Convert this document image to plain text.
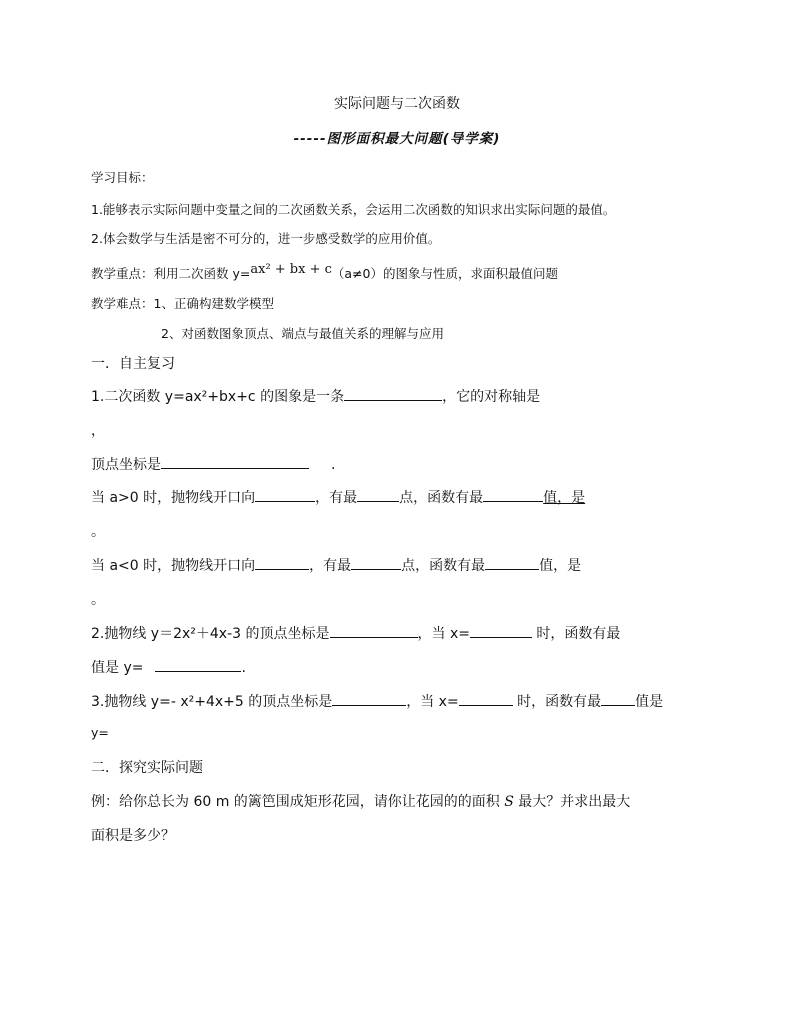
实际问题与二次函数
-----图形面积最大问题(导学案)
学习目标：
1.能够表示实际问题中变量之间的二次函数关系，会运用二次函数的知识求出实际问题的最值。
2.体会数学与生活是密不可分的，进一步感受数学的应用价值。
教学重点：利用二次函数 y=ax² + bx + c（a≠0）的图象与性质，求面积最值问题
教学难点：1、正确构建数学模型
2、对函数图象顶点、端点与最值关系的理解与应用
一．自主复习
1.二次函数 y=ax²+bx+c 的图象是一条	，它的对称轴是
，
顶点坐标是	.
当 a>0 时，抛物线开口向	，有最	点，函数有最	值，是
。
当 a<0 时，抛物线开口向	，有最	点，函数有最	值，是
。
2.抛物线 y＝2x²＋4x-3 的顶点坐标是	，当 x=	时，函数有最
值是 y=	.
3.抛物线 y=- x²+4x+5 的顶点坐标是	，当 x=	时，函数有最 值是
y=
二．探究实际问题
例：给你总长为 60 m 的篱笆围成矩形花园，请你让花园的的面积 S 最大？并求出最大
面积是多少？
